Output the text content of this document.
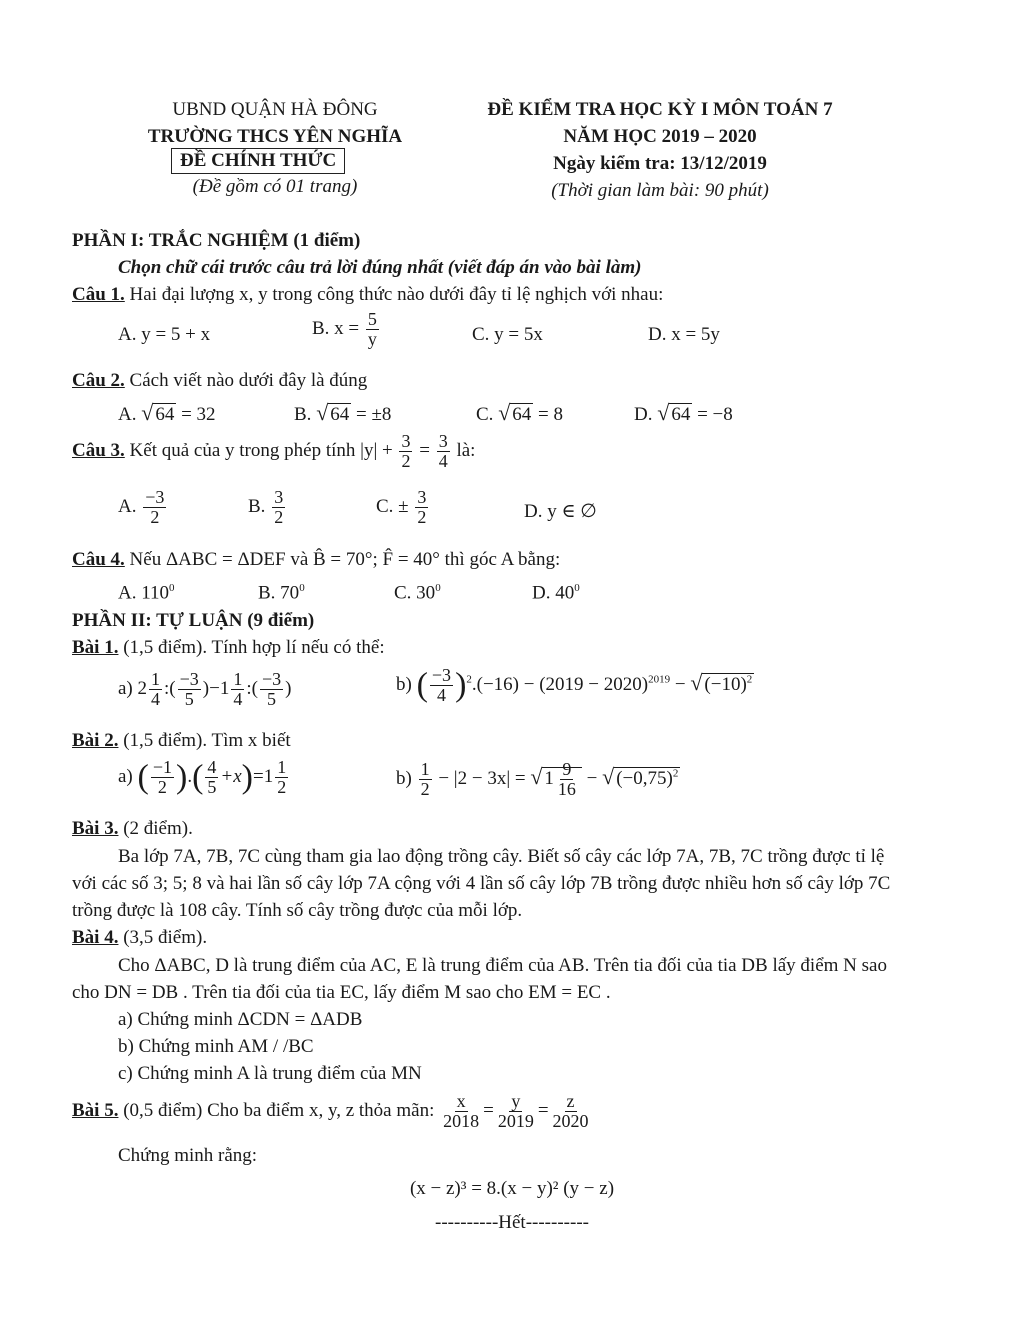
UBND QUẬN HÀ ĐÔNG
TRƯỜNG THCS YÊN NGHĨA
ĐỀ CHÍNH THỨC
(Đề gồm có 01 trang)
ĐỀ KIỂM TRA HỌC KỲ I MÔN TOÁN 7
NĂM HỌC 2019 – 2020
Ngày kiểm tra: 13/12/2019
(Thời gian làm bài: 90 phút)
PHẦN I: TRẮC NGHIỆM (1 điểm)
Chọn chữ cái trước câu trả lời đúng nhất (viết đáp án vào bài làm)
Câu 1. Hai đại lượng x, y trong công thức nào dưới đây tỉ lệ nghịch với nhau:
A. y = 5 + x	B. $x = \frac{5}{y}$	C. y = 5x	D. x = 5y
Câu 2. Cách viết nào dưới đây là đúng
A. √ 64 = 32	B. √ 64 = ±8	C. √ 64 = 8	D. √ 64 = −8
Câu 3. Kết quả của y trong phép tính $|y| + \frac{3}{2} = \frac{3}{4}$ là:
A. $\frac{-3}{2}$	B. $\frac{3}{2}$	C. ± $\frac{3}{2}$	D. y ∈ ∅
Câu 4. Nếu ΔABC = ΔDEF và B̂ = 70°; F̂ = 40° thì góc A bằng:
A. $110^0$	B. $70^0$	C. $30^0$	D. $40^0$
PHẦN II: TỰ LUẬN (9 điểm)
Bài 1. (1,5 điểm). Tính hợp lí nếu có thể:
a) $2 \frac{1}{4}$ :( $\frac{-3}{5} )-1 \frac{1}{4}$ :( $\frac{-3}{5}$ )	b) ( $\frac{-3}{4} )^2.(-16) - (2019 - 2020)^{2019}$ − √ $(-10)^2$
Bài 2. (1,5 điểm). Tìm x biết
a) ( $\frac{-1}{2}$ ).( $\frac{4}{5} +x)=1 \frac{1}{2}$	$b) \frac{1}{2} - |2 - 3x|$ = √ $1 \frac{9}{16}$ − √ $(-0,75)^2$
Bài 3. (2 điểm).
Ba lớp 7A, 7B, 7C cùng tham gia lao động trồng cây. Biết số cây các lớp 7A, 7B, 7C trồng được tỉ lệ
với các số 3; 5; 8 và hai lần số cây lớp 7A cộng với 4 lần số cây lớp 7B trồng được nhiều hơn số cây lớp 7C
trồng được là 108 cây. Tính số cây trồng được của mỗi lớp.
Bài 4. (3,5 điểm).
Cho ΔABC, D là trung điểm của AC, E là trung điểm của AB. Trên tia đối của tia DB lấy điểm N sao
cho DN = DB . Trên tia đối của tia EC, lấy điểm M sao cho EM = EC .
a) Chứng minh ΔCDN = ΔADB
b) Chứng minh AM / /BC
c) Chứng minh A là trung điểm của MN
Bài 5. (0,5 điểm) Cho ba điểm x, y, z thỏa mãn: $\frac{x}{2018} = \frac{y}{2019} = \frac{z}{2020}$
Chứng minh rằng:
(x − z)³ = 8.(x − y)² (y − z)
----------Hết----------
